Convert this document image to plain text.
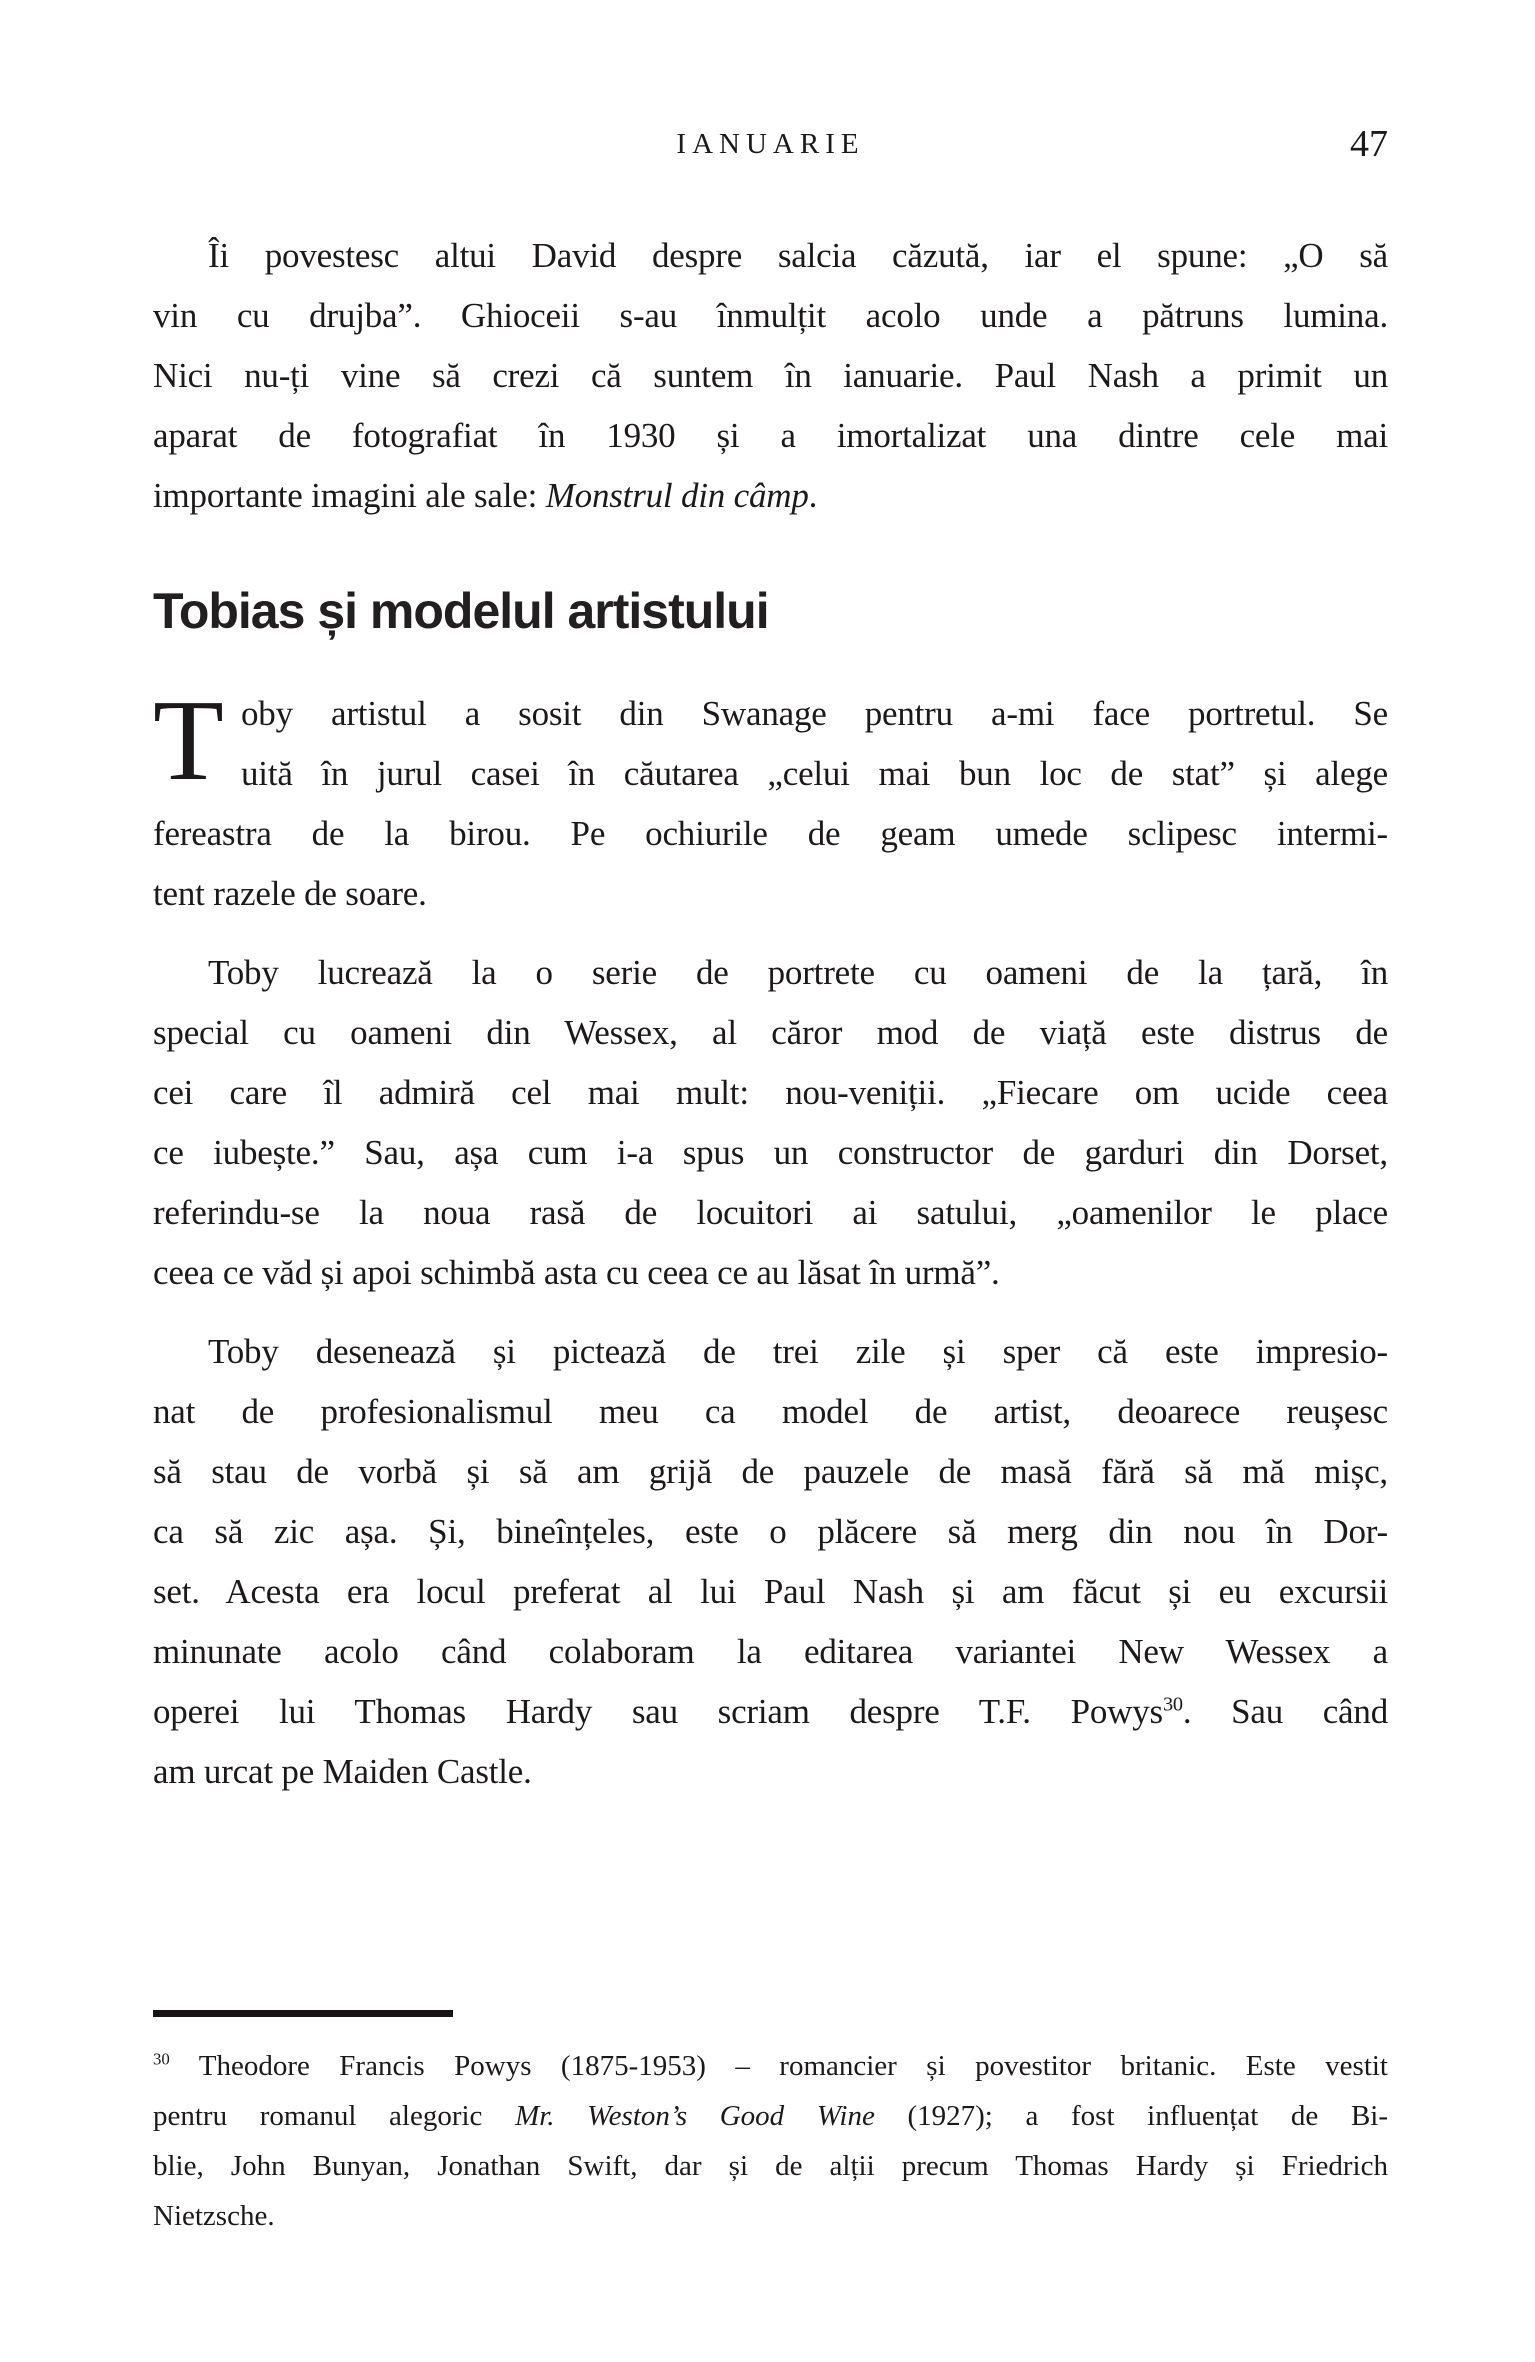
IANUARIE	47
Îi povestesc altui David despre salcia căzută, iar el spune: „O să
vin cu drujba”. Ghioceii s-au înmulțit acolo unde a pătruns lumina.
Nici nu-ți vine să crezi că suntem în ianuarie. Paul Nash a primit un
aparat de fotografiat în 1930 și a imortalizat una dintre cele mai
importante imagini ale sale: Monstrul din câmp.
Tobias și modelul artistului
T oby artistul a sosit din Swanage pentru a-mi face portretul. Se
uită în jurul casei în căutarea „celui mai bun loc de stat” și alege
fereastra de la birou. Pe ochiurile de geam umede sclipesc intermi-
tent razele de soare.
Toby lucrează la o serie de portrete cu oameni de la țară, în
special cu oameni din Wessex, al căror mod de viață este distrus de
cei care îl admiră cel mai mult: nou-veniții. „Fiecare om ucide ceea
ce iubește.” Sau, așa cum i-a spus un constructor de garduri din Dorset,
referindu-se la noua rasă de locuitori ai satului, „oamenilor le place
ceea ce văd și apoi schimbă asta cu ceea ce au lăsat în urmă”.
Toby desenează și pictează de trei zile și sper că este impresio-
nat de profesionalismul meu ca model de artist, deoarece reușesc
să stau de vorbă și să am grijă de pauzele de masă fără să mă mișc,
ca să zic așa. Și, bineînțeles, este o plăcere să merg din nou în Dor-
set. Acesta era locul preferat al lui Paul Nash și am făcut și eu excursii
minunate acolo când colaboram la editarea variantei New Wessex a
operei lui Thomas Hardy sau scriam despre T.F. Powys$^{30}$. Sau când
am urcat pe Maiden Castle.
$^{30}$ Theodore Francis Powys (1875-1953) – romancier și povestitor britanic. Este vestit
pentru romanul alegoric Mr. Weston’s Good Wine (1927); a fost influențat de Bi-
blie, John Bunyan, Jonathan Swift, dar și de alții precum Thomas Hardy și Friedrich
Nietzsche.
